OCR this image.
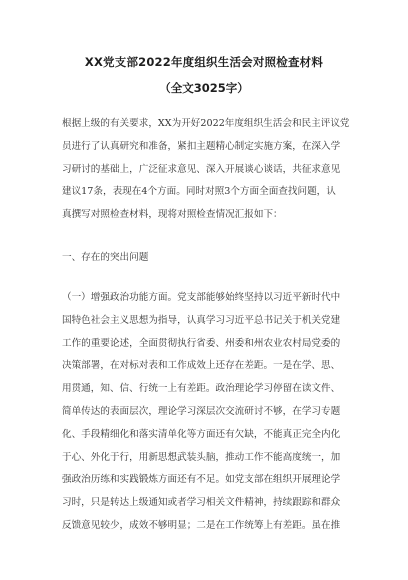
XX党支部2022年度组织生活会对照检查材料
（全文3025字）
根据上级的有关要求，XX为开好2022年度组织生活会和民主评议党
员进行了认真研究和准备，紧扣主题精心制定实施方案，在深入学
习研讨的基础上，广泛征求意见、深入开展谈心谈话，共征求意见
建议17条，表现在4个方面。同时对照3个方面全面查找问题，认
真撰写对照检查材料，现将对照检查情况汇报如下：
一、存在的突出问题
（一）增强政治功能方面。党支部能够始终坚持以习近平新时代中
国特色社会主义思想为指导，认真学习习近平总书记关于机关党建
工作的重要论述，全面贯彻执行省委、州委和州农业农村局党委的
决策部署，在对标对表和工作成效上还存在差距。一是在学、思、
用贯通，知、信、行统一上有差距。政治理论学习停留在读文件、
简单传达的表面层次，理论学习深层次交流研讨不够，在学习专题
化、手段精细化和落实清单化等方面还有欠缺，不能真正完全内化
于心、外化于行，用新思想武装头脑，推动工作不能高度统一，加
强政治历练和实践锻炼方面还有不足。如党支部在组织开展理论学
习时，只是转达上级通知或者学习相关文件精神，持续跟踪和群众
反馈意见较少，成效不够明显；二是在工作统筹上有差距。虽在推
